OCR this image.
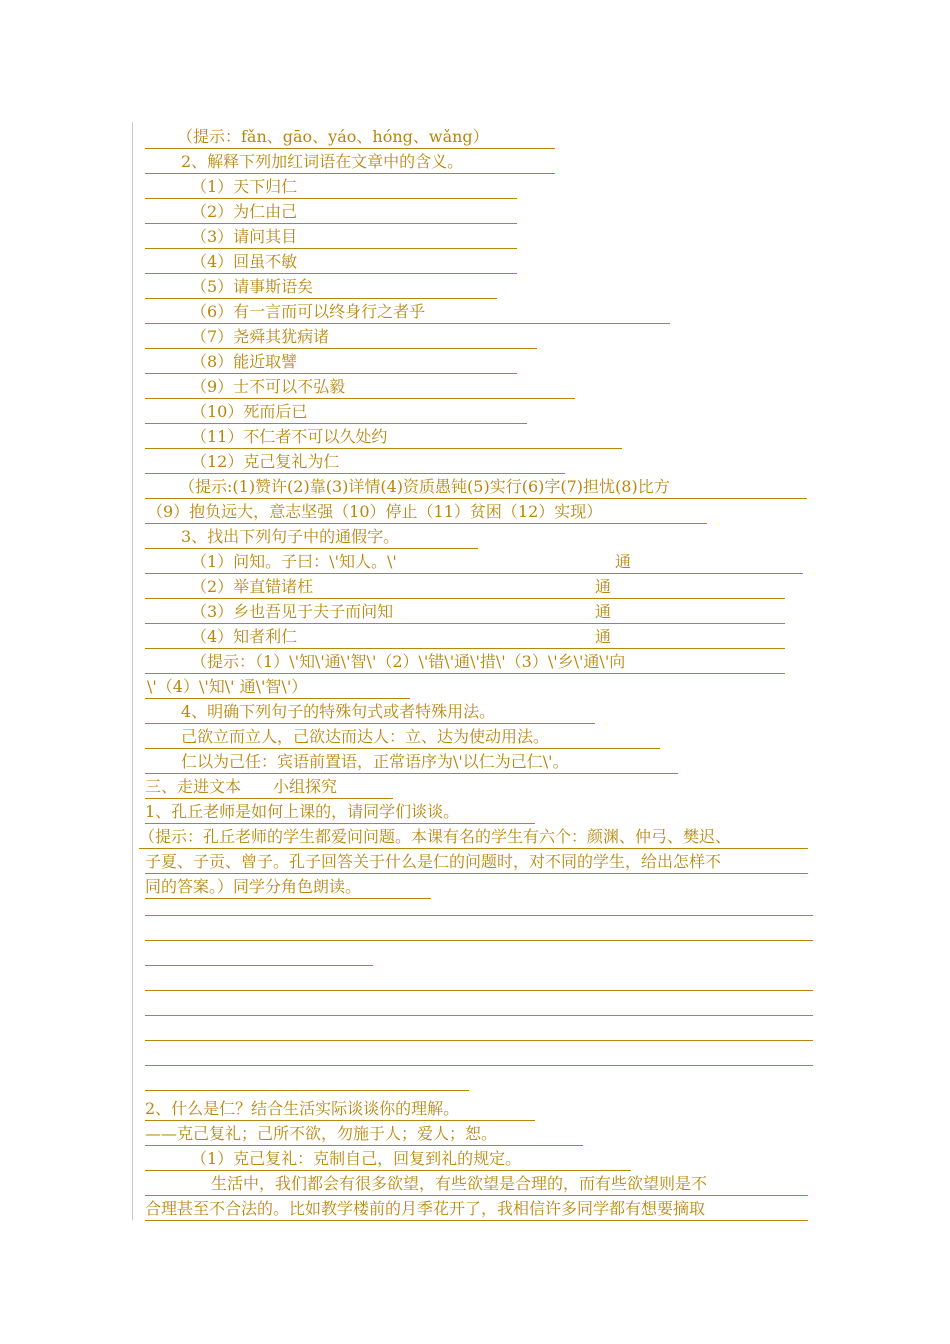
（提示：fǎn、gāo、yáo、hóng、wǎng）
2、解释下列加红词语在文章中的含义。
（1）天下归仁
（2）为仁由己
（3）请问其目
（4）回虽不敏
（5）请事斯语矣
（6）有一言而可以终身行之者乎
（7）尧舜其犹病诸
（8）能近取譬
（9）士不可以不弘毅
（10）死而后已
（11）不仁者不可以久处约
（12）克己复礼为仁
（提示:(1)赞许(2)靠(3)详情(4)资质愚钝(5)实行(6)字(7)担忧(8)比方
（9）抱负远大，意志坚强（10）停止（11）贫困（12）实现）
3、找出下列句子中的通假字。
（1）问知。子曰：\'知人。\'	通
（2）举直错诸枉	通
（3）乡也吾见于夫子而问知	通
（4）知者利仁	通
（提示：（1）\'知\'通\'智\'（2）\'错\'通\'措\'（3）\'乡\'通\'向
\'（4）\'知\' 通\'智\'）
4、明确下列句子的特殊句式或者特殊用法。
己欲立而立人，己欲达而达人：立、达为使动用法。
仁以为己任：宾语前置语，正常语序为\'以仁为己仁\'。
三、走进文本　　小组探究
1、孔丘老师是如何上课的，请同学们谈谈。
（提示：孔丘老师的学生都爱问问题。本课有名的学生有六个：颜渊、仲弓、樊迟、
子夏、子贡、曾子。孔子回答关于什么是仁的问题时，对不同的学生，给出怎样不
同的答案。）同学分角色朗读。
2、什么是仁？结合生活实际谈谈你的理解。
——克己复礼；己所不欲，勿施于人；爱人；恕。
（1）克己复礼：克制自己，回复到礼的规定。
生活中，我们都会有很多欲望，有些欲望是合理的，而有些欲望则是不
合理甚至不合法的。比如教学楼前的月季花开了，我相信许多同学都有想要摘取
